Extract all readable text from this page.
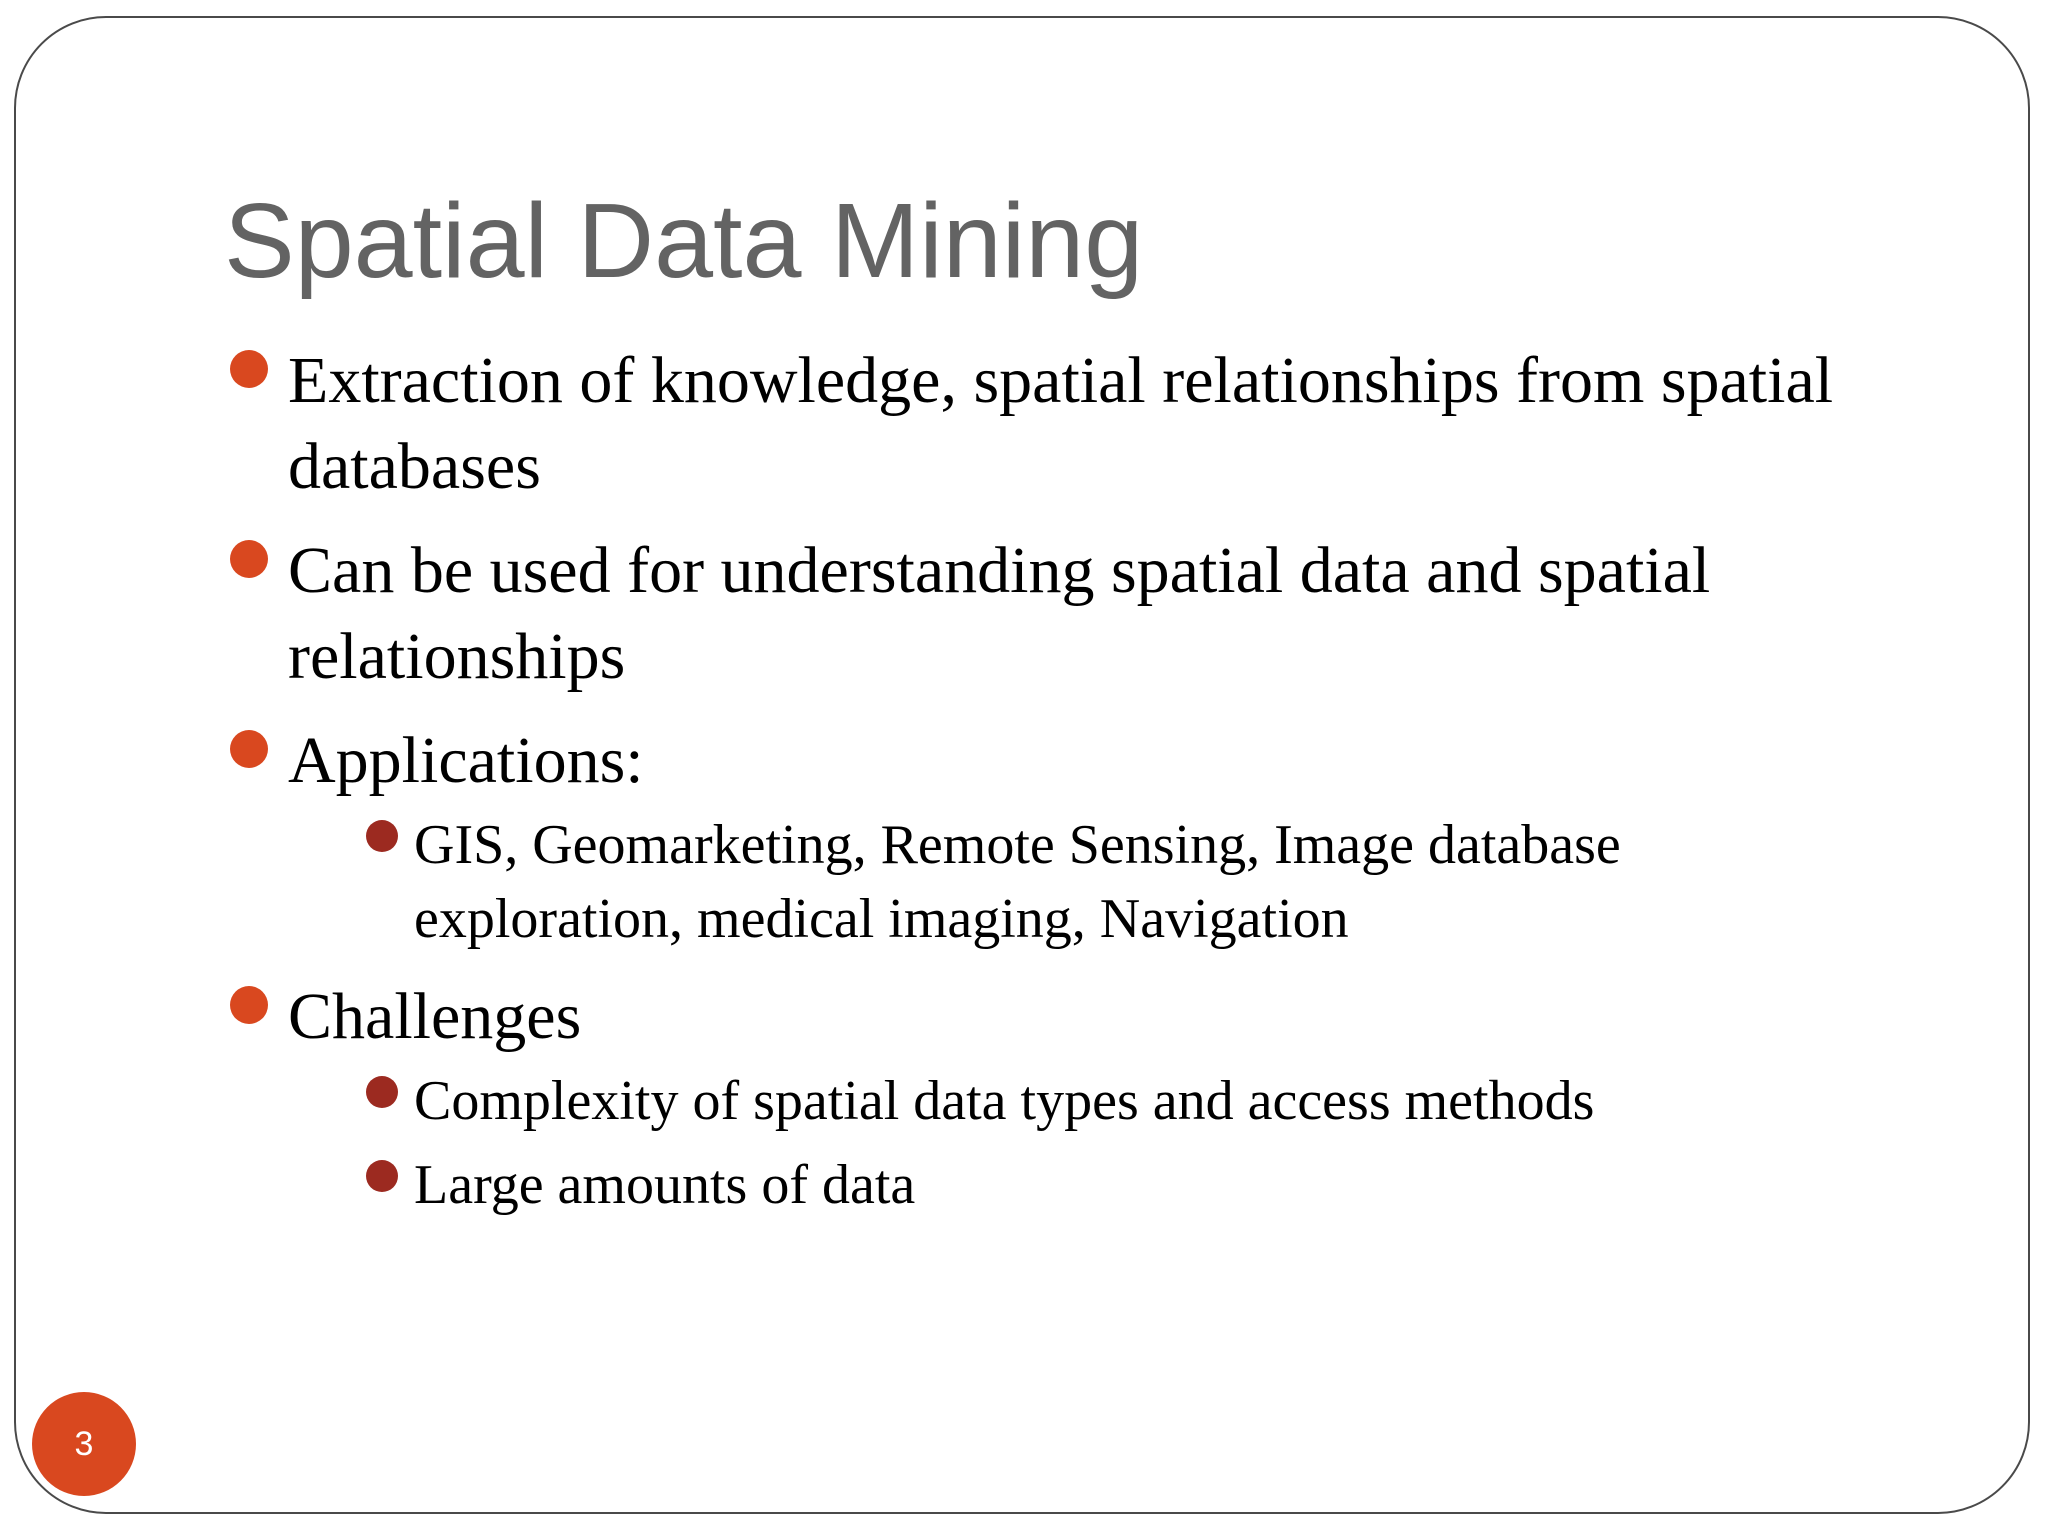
Spatial Data Mining
Extraction of knowledge, spatial relationships from spatial databases
Can be used for understanding spatial data and spatial relationships
Applications:
GIS, Geomarketing, Remote Sensing, Image database exploration, medical imaging, Navigation
Challenges
Complexity of spatial data types and access methods
Large amounts of data
3
